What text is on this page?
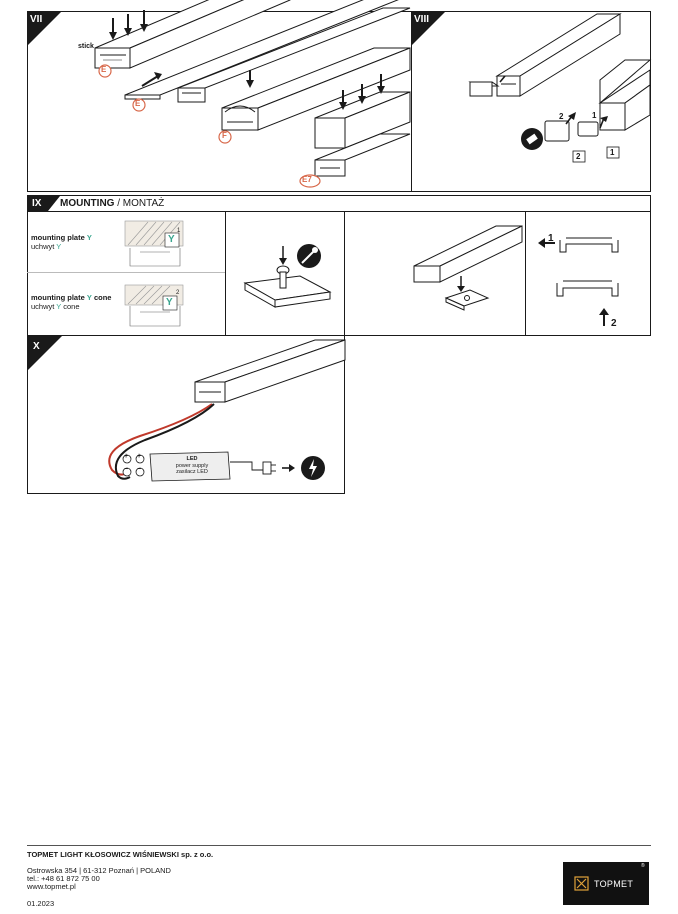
VII	VIII
IX
X
stick
E
E
F
E7
1
2
2	1
MOUNTING / MONTAŻ
mounting plate Y
uchwyt Y
Y
1
mounting plate Y cone
uchwyt Y cone	Y
2
1
2
LED
power supply
zasilacz LED
+ +
− −
TOPMET LIGHT KŁOSOWICZ WIŚNIEWSKI sp. z o.o.
Ostrowska 354 | 61-312 Poznań | POLAND
tel.: +48 61 872 75 00
www.topmet.pl
01.2023
TOPMET
®
